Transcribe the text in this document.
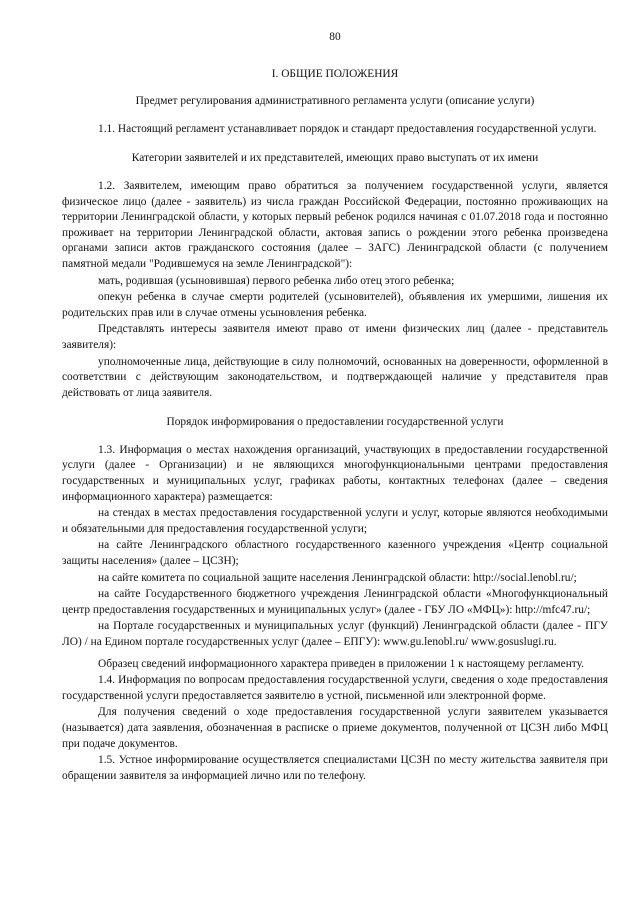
80
I. ОБЩИЕ ПОЛОЖЕНИЯ
Предмет регулирования административного регламента услуги (описание услуги)

1.1. Настоящий регламент устанавливает порядок и стандарт предоставления государственной услуги.

Категории заявителей и их представителей, имеющих право выступать от их имени

1.2. Заявителем, имеющим право обратиться за получением государственной услуги, является физическое лицо (далее - заявитель) из числа граждан Российской Федерации, постоянно проживающих на территории Ленинградской области, у которых первый ребенок родился начиная с 01.07.2018 года и постоянно проживает на территории Ленинградской области, актовая запись о рождении этого ребенка произведена органами записи актов гражданского состояния (далее – ЗАГС) Ленинградской области (с получением памятной медали "Родившемуся на земле Ленинградской"):

мать, родившая (усыновившая) первого ребенка либо отец этого ребенка;

опекун ребенка в случае смерти родителей (усыновителей), объявления их умершими, лишения их родительских прав или в случае отмены усыновления ребенка.

Представлять интересы заявителя имеют право от имени физических лиц (далее - представитель заявителя):

уполномоченные лица, действующие в силу полномочий, основанных на доверенности, оформленной в соответствии с действующим законодательством, и подтверждающей наличие у представителя прав действовать от лица заявителя.

Порядок информирования о предоставлении государственной услуги

1.3. Информация о местах нахождения организаций, участвующих в предоставлении государственной услуги (далее - Организации) и не являющихся многофункциональными центрами предоставления государственных и муниципальных услуг, графиках работы, контактных телефонах (далее – сведения информационного характера) размещается:

на стендах в местах предоставления государственной услуги и услуг, которые являются необходимыми и обязательными для предоставления государственной услуги;

на сайте Ленинградского областного государственного казенного учреждения «Центр социальной защиты населения» (далее – ЦСЗН);

на сайте комитета по социальной защите населения Ленинградской области: http://social.lenobl.ru/;

на сайте Государственного бюджетного учреждения Ленинградской области «Многофункциональный центр предоставления государственных и муниципальных услуг» (далее - ГБУ ЛО «МФЦ»): http://mfc47.ru/;

на Портале государственных и муниципальных услуг (функций) Ленинградской области (далее - ПГУ ЛО) / на Едином портале государственных услуг (далее – ЕПГУ): www.gu.lenobl.ru/ www.gosuslugi.ru.

Образец сведений информационного характера приведен в приложении 1 к настоящему регламенту.

1.4. Информация по вопросам предоставления государственной услуги, сведения о ходе предоставления государственной услуги предоставляется заявителю в устной, письменной или электронной форме.

Для получения сведений о ходе предоставления государственной услуги заявителем указывается (называется) дата заявления, обозначенная в расписке о приеме документов, полученной от ЦСЗН либо МФЦ при подаче документов.

1.5. Устное информирование осуществляется специалистами ЦСЗН по месту жительства заявителя при обращении заявителя за информацией лично или по телефону.
